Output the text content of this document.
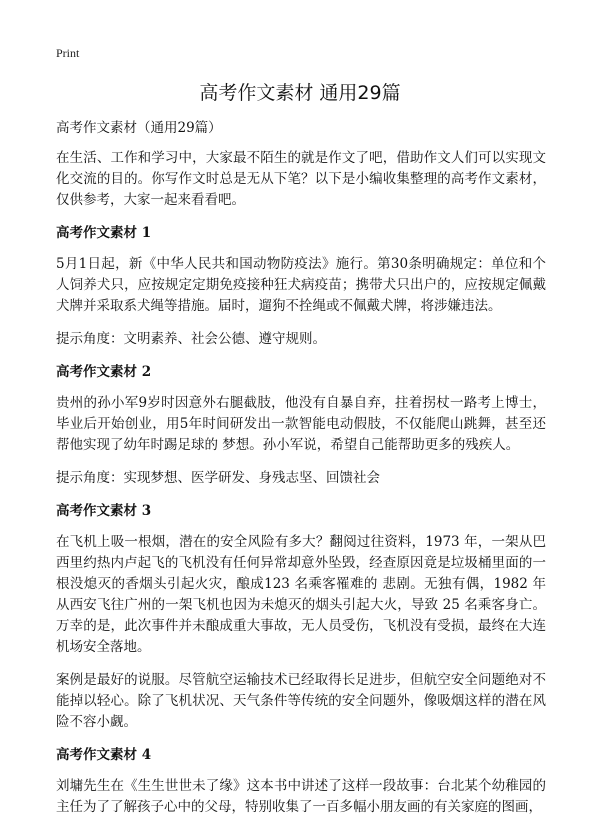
Print
高考作文素材 通用29篇
高考作文素材（通用29篇）

在生活、工作和学习中，大家最不陌生的就是作文了吧，借助作文人们可以实现文化交流的目的。你写作文时总是无从下笔？以下是小编收集整理的高考作文素材，仅供参考，大家一起来看看吧。

高考作文素材 1

5月1日起，新《中华人民共和国动物防疫法》施行。第30条明确规定：单位和个人饲养犬只，应按规定定期免疫接种狂犬病疫苗；携带犬只出户的，应按规定佩戴犬牌并采取系犬绳等措施。届时，遛狗不拴绳或不佩戴犬牌，将涉嫌违法。

提示角度：文明素养、社会公德、遵守规则。

高考作文素材 2

贵州的孙小军9岁时因意外右腿截肢，他没有自暴自弃，拄着拐杖一路考上博士，毕业后开始创业，用5年时间研发出一款智能电动假肢，不仅能爬山跳舞，甚至还帮他实现了幼年时踢足球的 梦想。孙小军说，希望自己能帮助更多的残疾人。

提示角度：实现梦想、医学研发、身残志坚、回馈社会

高考作文素材 3

在飞机上吸一根烟，潜在的安全风险有多大？翻阅过往资料，1973 年，一架从巴西里约热内卢起飞的飞机没有任何异常却意外坠毁，经查原因竟是垃圾桶里面的一根没熄灭的香烟头引起火灾，酿成123 名乘客罹难的 悲剧。无独有偶，1982 年从西安飞往广州的一架飞机也因为未熄灭的烟头引起大火，导致 25 名乘客身亡。万幸的是，此次事件并未酿成重大事故，无人员受伤，飞机没有受损，最终在大连机场安全落地。

案例是最好的说服。尽管航空运输技术已经取得长足进步，但航空安全问题绝对不能掉以轻心。除了飞机状况、天气条件等传统的安全问题外，像吸烟这样的潜在风险不容小觑。

高考作文素材 4

刘墉先生在《生生世世未了缘》这本书中讲述了这样一段故事：台北某个幼稚园的主任为了了解孩子心中的父母，特别收集了一百多幅小朋友画的有关家庭的图画，
